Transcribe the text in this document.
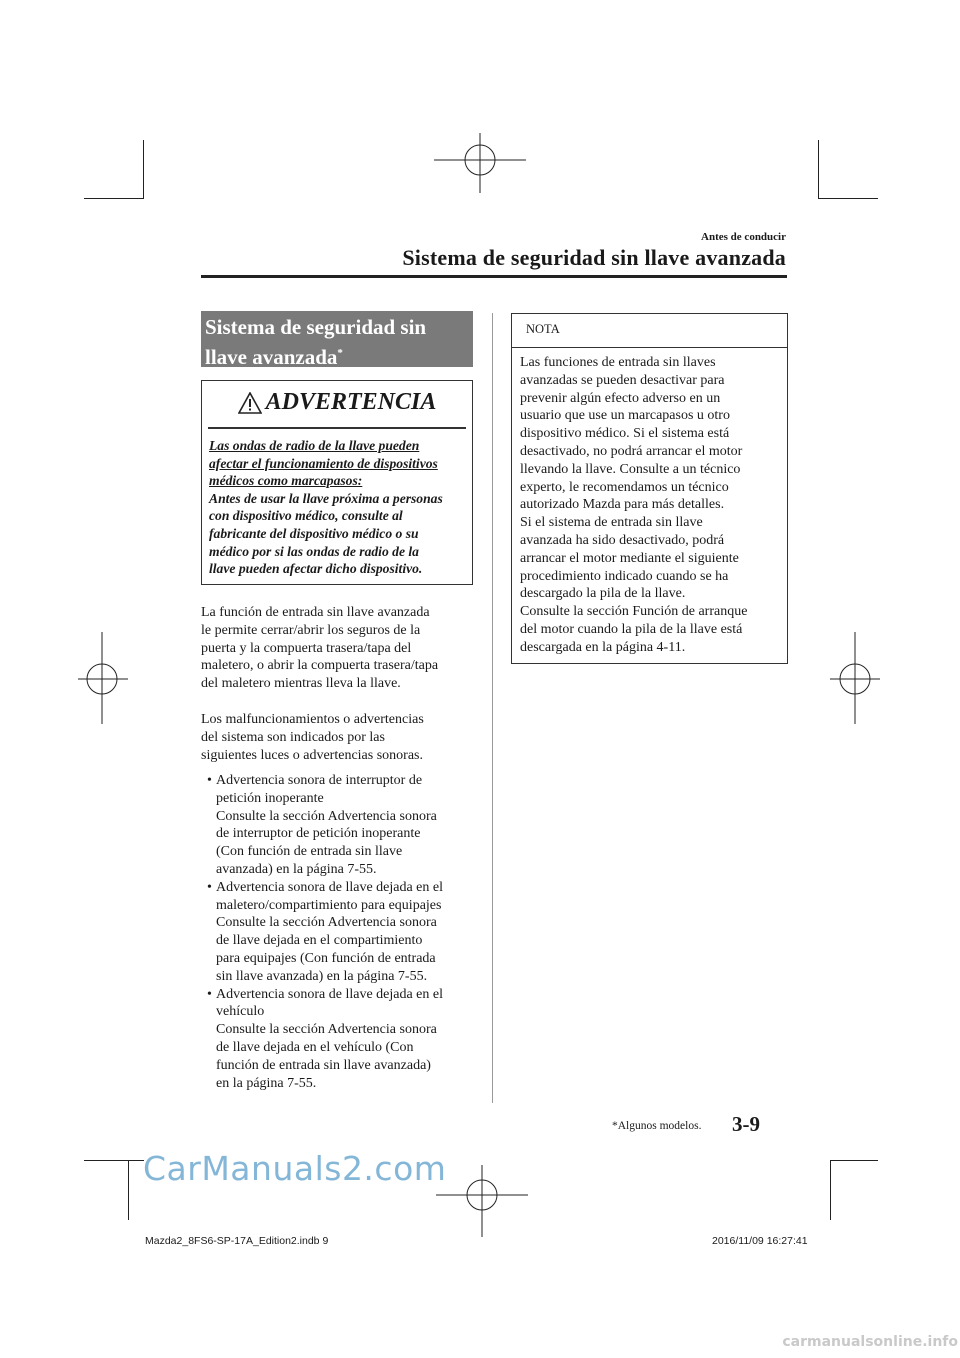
Antes de conducir
Sistema de seguridad sin llave avanzada
Sistema de seguridad sin
llave avanzada*
ADVERTENCIA
Las ondas de radio de la llave pueden
afectar el funcionamiento de dispositivos
médicos como marcapasos:
Antes de usar la llave próxima a personas
con dispositivo médico, consulte al
fabricante del dispositivo médico o su
médico por si las ondas de radio de la
llave pueden afectar dicho dispositivo.
La función de entrada sin llave avanzada
le permite cerrar/abrir los seguros de la
puerta y la compuerta trasera/tapa del
maletero, o abrir la compuerta trasera/tapa
del maletero mientras lleva la llave.
Los malfuncionamientos o advertencias
del sistema son indicados por las
siguientes luces o advertencias sonoras.
• Advertencia sonora de interruptor de
petición inoperante
Consulte la sección Advertencia sonora
de interruptor de petición inoperante
(Con función de entrada sin llave
avanzada) en la página 7-55.
• Advertencia sonora de llave dejada en el
maletero/compartimiento para equipajes
Consulte la sección Advertencia sonora
de llave dejada en el compartimiento
para equipajes (Con función de entrada
sin llave avanzada) en la página 7-55.
• Advertencia sonora de llave dejada en el
vehículo
Consulte la sección Advertencia sonora
de llave dejada en el vehículo (Con
función de entrada sin llave avanzada)
en la página 7-55.
NOTA
Las funciones de entrada sin llaves
avanzadas se pueden desactivar para
prevenir algún efecto adverso en un
usuario que use un marcapasos u otro
dispositivo médico. Si el sistema está
desactivado, no podrá arrancar el motor
llevando la llave. Consulte a un técnico
experto, le recomendamos un técnico
autorizado Mazda para más detalles.
Si el sistema de entrada sin llave
avanzada ha sido desactivado, podrá
arrancar el motor mediante el siguiente
procedimiento indicado cuando se ha
descargado la pila de la llave.
Consulte la sección Función de arranque
del motor cuando la pila de la llave está
descargada en la página 4-11.
*Algunos modelos. 3-9
CarManuals2.com
Mazda2_8FS6-SP-17A_Edition2.indb 9	2016/11/09 16:27:41
carmanualsonline.info
